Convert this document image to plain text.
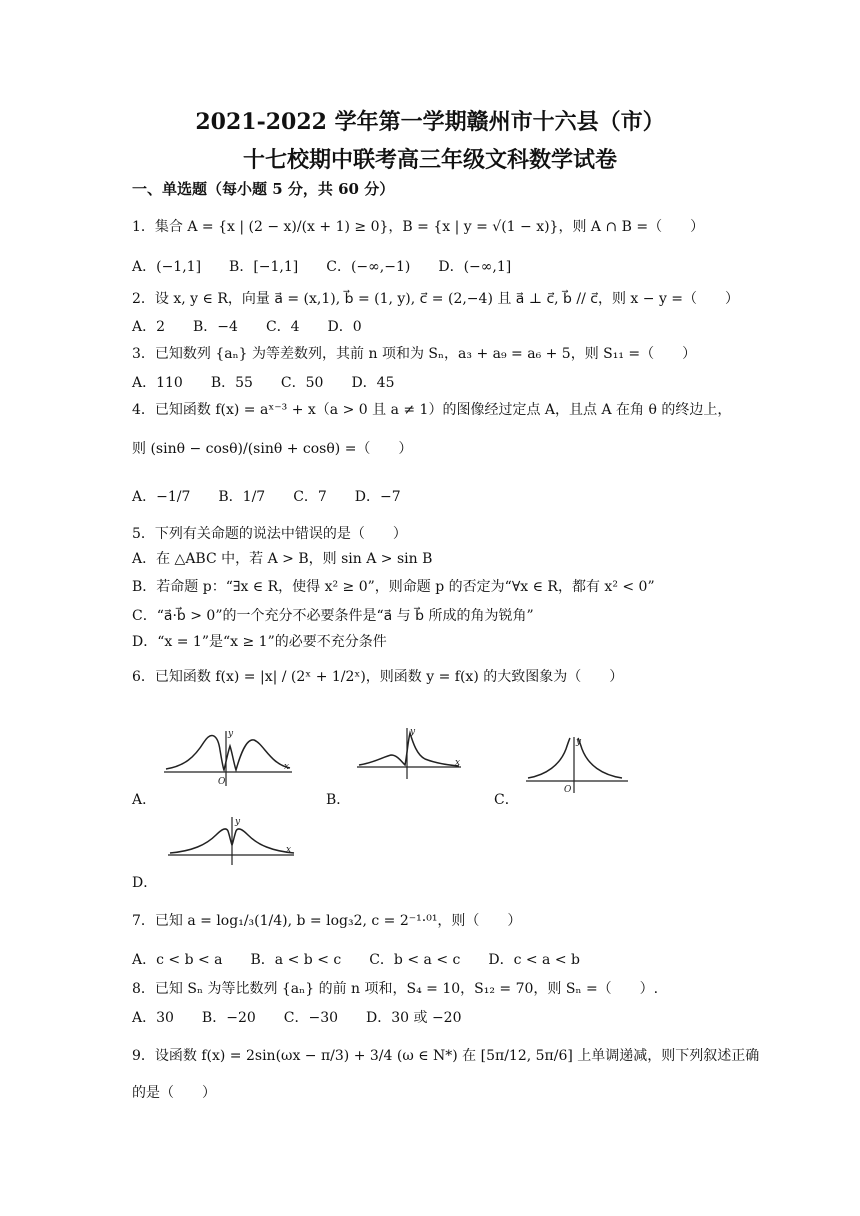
2021-2022 学年第一学期赣州市十六县（市）
十七校期中联考高三年级文科数学试卷
一、单选题（每小题 5 分，共 60 分）
1．集合 A = {x | (2 − x)/(x + 1) ≥ 0}，B = {x | y = √(1 − x)}，则 A ∩ B =（　　）
A．(−1,1]　　B．[−1,1]　　C．(−∞,−1)　　D．(−∞,1]
2．设 x, y ∈ R，向量 a⃗ = (x,1), b⃗ = (1, y), c⃗ = (2,−4) 且 a⃗ ⊥ c⃗, b⃗ // c⃗，则 x − y =（　　）
A．2　　B．−4　　C．4　　D．0
3．已知数列 {aₙ} 为等差数列，其前 n 项和为 Sₙ，a₃ + a₉ = a₆ + 5，则 S₁₁ =（　　）
A．110　　B．55　　C．50　　D．45
4．已知函数 f(x) = aˣ⁻³ + x（a > 0 且 a ≠ 1）的图像经过定点 A，且点 A 在角 θ 的终边上，
则 (sinθ − cosθ)/(sinθ + cosθ) =（　　）
A．−1/7　　B．1/7　　C．7　　D．−7
5．下列有关命题的说法中错误的是（　　）
A．在 △ABC 中，若 A > B，则 sin A > sin B
B．若命题 p：“∃x ∈ R，使得 x² ≥ 0”，则命题 p 的否定为“∀x ∈ R，都有 x² < 0”
C．“a⃗·b⃗ > 0”的一个充分不必要条件是“a⃗ 与 b⃗ 所成的角为锐角”
D．“x = 1”是“x ≥ 1”的必要不充分条件
6．已知函数 f(x) = |x| / (2ˣ + 1/2ˣ)，则函数 y = f(x) 的大致图象为（　　）
A．
O
y
x
B．
y
x
C．
O
y
y
x
D．
7．已知 a = log₁/₃(1/4), b = log₃2, c = 2⁻¹·⁰¹，则（　　）
A．c < b < a　　B．a < b < c　　C．b < a < c　　D．c < a < b
8．已知 Sₙ 为等比数列 {aₙ} 的前 n 项和，S₄ = 10，S₁₂ = 70，则 Sₙ =（　　）.
A．30　　B．−20　　C．−30　　D．30 或 −20
9．设函数 f(x) = 2sin(ωx − π/3) + 3/4 (ω ∈ N*) 在 [5π/12, 5π/6] 上单调递减，则下列叙述正确
的是（　　）
